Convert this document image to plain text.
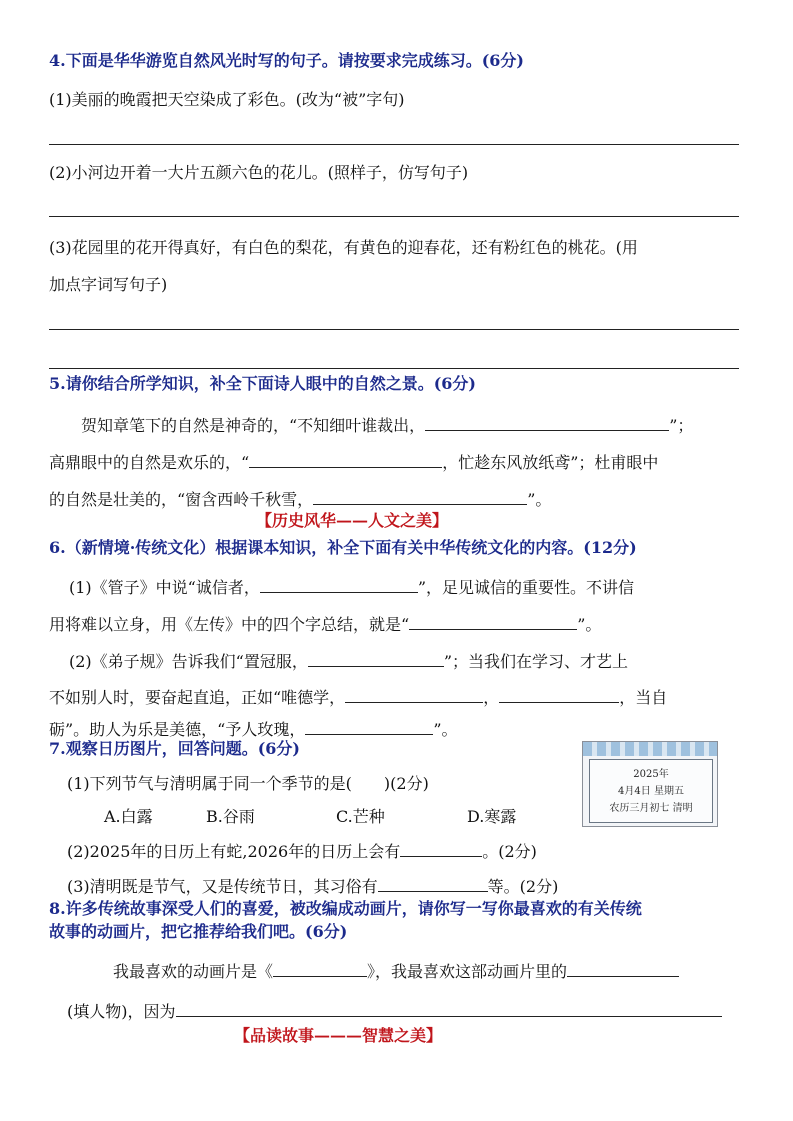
4.下面是华华游览自然风光时写的句子。请按要求完成练习。(6分)
(1)美丽的晚霞把天空染成了彩色。(改为“被”字句)
(2)小河边开着一大片五颜六色的花儿。(照样子，仿写句子)
(3)花园里的花开得真好，有白色的梨花，有黄色的迎春花，还有粉红色的桃花。(用
加点字词写句子)
5.请你结合所学知识，补全下面诗人眼中的自然之景。(6分)
贺知章笔下的自然是神奇的，“不知细叶谁裁出，	”；
高鼎眼中的自然是欢乐的，“	，忙趁东风放纸鸢”；杜甫眼中
的自然是壮美的，“窗含西岭千秋雪，	”。
【历史风华——人文之美】
6.（新情境·传统文化）根据课本知识，补全下面有关中华传统文化的内容。(12分)
(1)《管子》中说“诚信者，	”，足见诚信的重要性。不讲信
用将难以立身，用《左传》中的四个字总结，就是“	”。
(2)《弟子规》告诉我们“置冠服，	”；当我们在学习、才艺上
不如别人时，要奋起直追，正如“唯德学，	，	，当自
砺”。助人为乐是美德，“予人玫瑰，	”。
7.观察日历图片，回答问题。(6分)
(1)下列节气与清明属于同一个季节的是(　　)(2分)
A.白露	B.谷雨	C.芒种	D.寒露
(2)2025年的日历上有蛇,2026年的日历上会有	。(2分)
(3)清明既是节气，又是传统节日，其习俗有	等。(2分)
2025年
4月4日 星期五
农历三月初七 清明
8.许多传统故事深受人们的喜爱，被改编成动画片，请你写一写你最喜欢的有关传统
故事的动画片，把它推荐给我们吧。(6分)
我最喜欢的动画片是《	》，我最喜欢这部动画片里的
(填人物)，因为
【品读故事———智慧之美】
